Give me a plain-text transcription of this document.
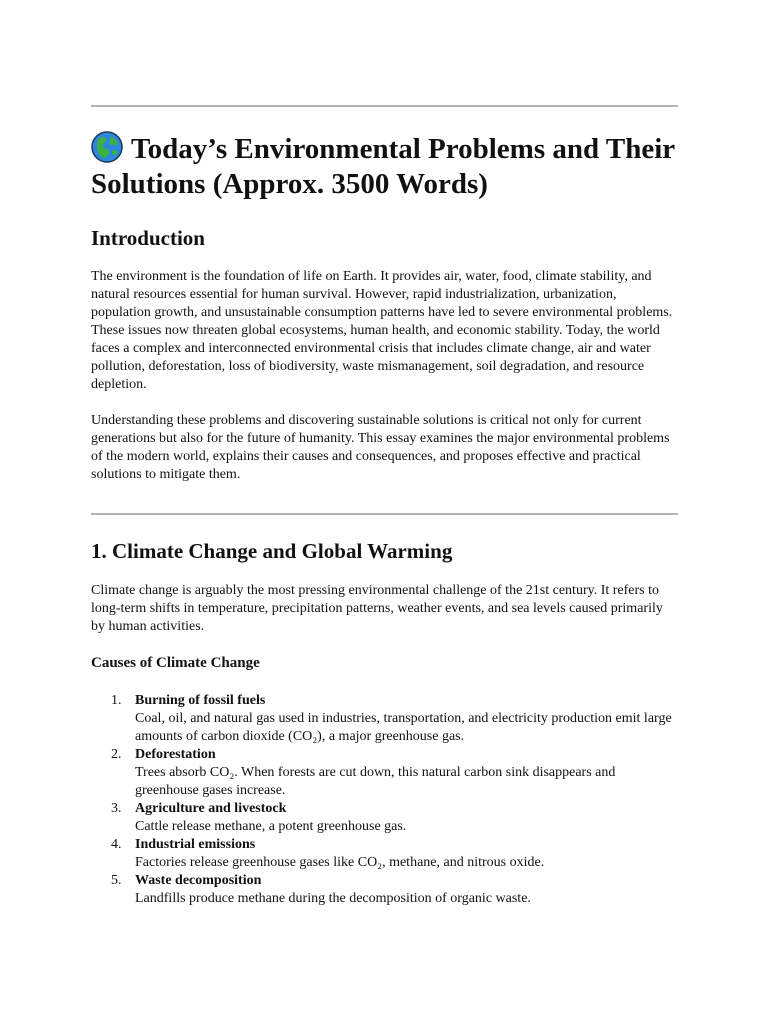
Today’s Environmental Problems and Their Solutions (Approx. 3500 Words)
Introduction

The environment is the foundation of life on Earth. It provides air, water, food, climate stability, and natural resources essential for human survival. However, rapid industrialization, urbanization, population growth, and unsustainable consumption patterns have led to severe environmental problems. These issues now threaten global ecosystems, human health, and economic stability. Today, the world faces a complex and interconnected environmental crisis that includes climate change, air and water pollution, deforestation, loss of biodiversity, waste mismanagement, soil degradation, and resource depletion.

Understanding these problems and discovering sustainable solutions is critical not only for current generations but also for the future of humanity. This essay examines the major environmental problems of the modern world, explains their causes and consequences, and proposes effective and practical solutions to mitigate them.

1. Climate Change and Global Warming

Climate change is arguably the most pressing environmental challenge of the 21st century. It refers to long-term shifts in temperature, precipitation patterns, weather events, and sea levels caused primarily by human activities.

Causes of Climate Change
1. Burning of fossil fuels
Coal, oil, and natural gas used in industries, transportation, and electricity production emit large amounts of carbon dioxide (CO₂), a major greenhouse gas.
2. Deforestation
Trees absorb CO₂. When forests are cut down, this natural carbon sink disappears and greenhouse gases increase.
3. Agriculture and livestock
Cattle release methane, a potent greenhouse gas.
4. Industrial emissions
Factories release greenhouse gases like CO₂, methane, and nitrous oxide.
5. Waste decomposition
Landfills produce methane during the decomposition of organic waste.
